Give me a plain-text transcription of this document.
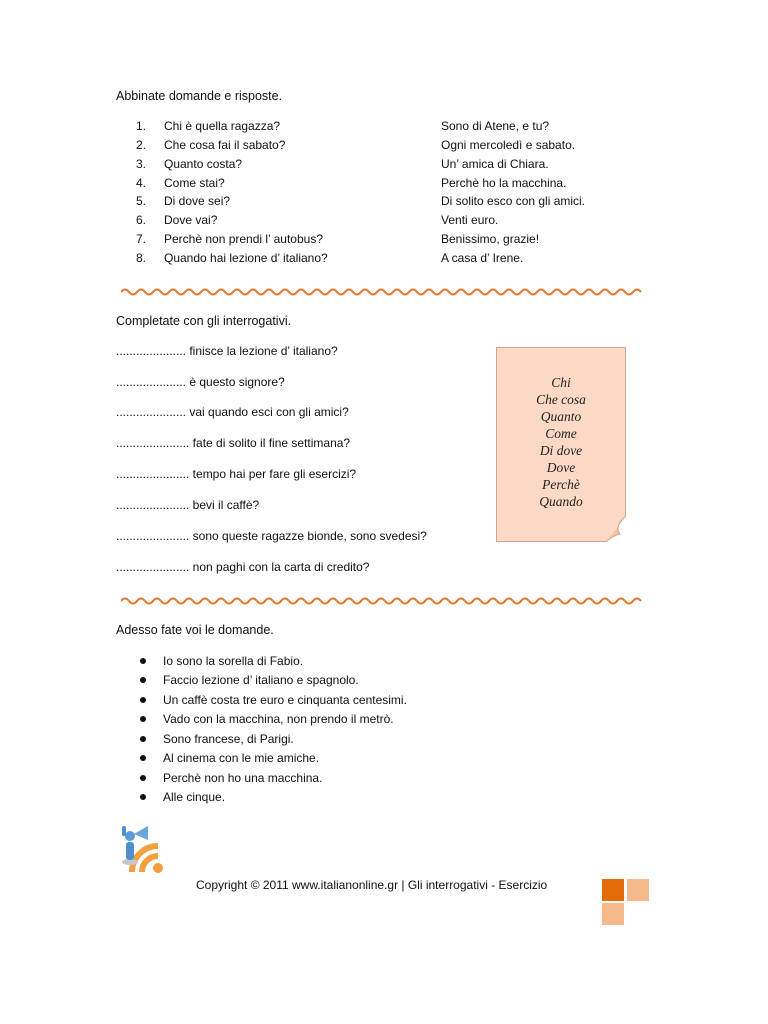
Abbinate domande e risposte.
1.	Chi è quella ragazza?	Sono di Atene, e tu?
2.	Che cosa fai il sabato?	Ogni mercoledì e sabato.
3.	Quanto costa?	Un’ amica di Chiara.
4.	Come stai?	Perchè ho la macchina.
5.	Di dove sei?	Di solito esco con gli amici.
6.	Dove vai?	Venti euro.
7.	Perchè non prendi l’ autobus?	Benissimo, grazie!
8.	Quando hai lezione d’ italiano?	A casa d’ Irene.
Completate con gli interrogativi.
..................... finisce la lezione d’ italiano?
..................... è questo signore?
..................... vai quando esci con gli amici?
...................... fate di solito il fine settimana?
...................... tempo hai per fare gli esercizi?
...................... bevi il caffè?
...................... sono queste ragazze bionde, sono svedesi?
...................... non paghi con la carta di credito?
Chi
Che cosa
Quanto
Come
Di dove
Dove
Perchè
Quando
Adesso fate voi le domande.
Io sono la sorella di Fabio.
Faccio lezione d’ italiano e spagnolo.
Un caffè costa tre euro e cinquanta centesimi.
Vado con la macchina, non prendo il metrò.
Sono francese, di Parigi.
Al cinema con le mie amiche.
Perchè non ho una macchina.
Alle cinque.
Copyright © 2011 www.italianonline.gr | Gli interrogativi - Esercizio
